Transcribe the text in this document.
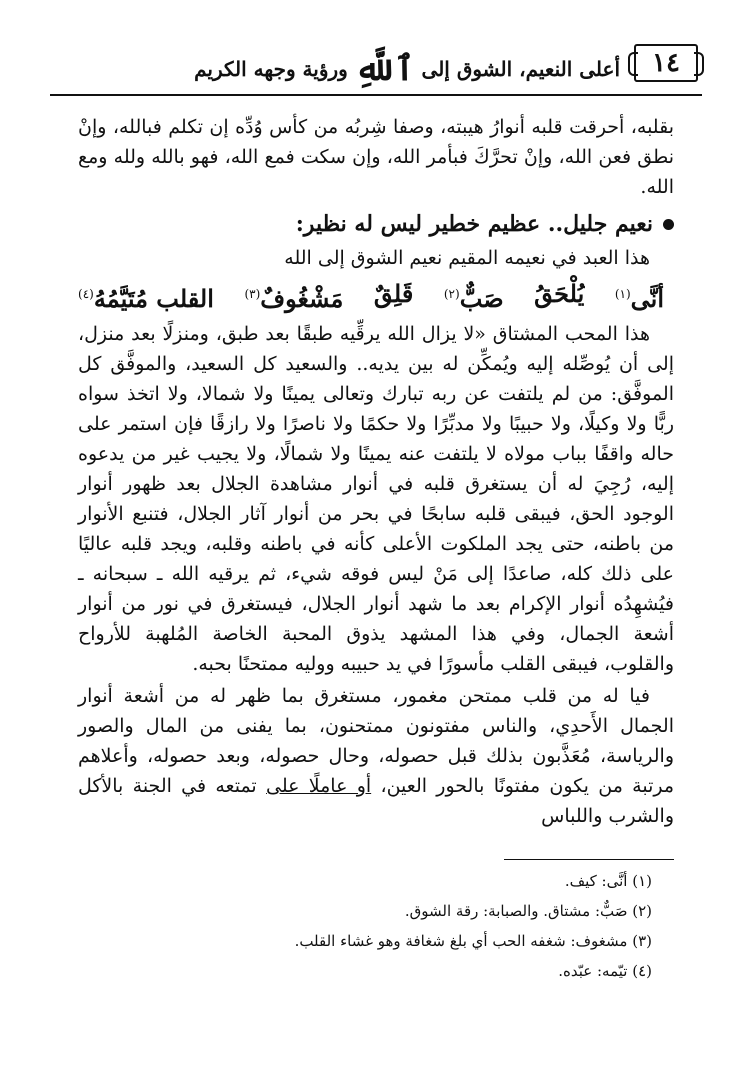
١٤
أعلى النعيم، الشوق إلى ٱللَّهِ ورؤية وجهه الكريم

بقلبه، أحرقت قلبه أنوارُ هيبته، وصفا شِربُه من كأس وُدِّه إن تكلم فبالله، وإنْ نطق فعن الله، وإنْ تحرَّكَ فبأمر الله، وإن سكت فمع الله، فهو بالله ولله ومع الله.

نعيم جليل.. عظيم خطير ليس له نظير:

هذا العبد في نعيمه المقيم نعيم الشوق إلى الله

أنَّى$^{(١)}$
يُلْحَقُ
صَبٌّ$^{(٢)}$
قَلِقٌ
مَشْغُوفٌ$^{(٣)}$
القلب مُتَيَّمُهُ$^{(٤)}$

هذا المحب المشتاق «لا يزال الله يرقِّيه طبقًا بعد طبق، ومنزلًا بعد منزل، إلى أن يُوصِّله إليه ويُمكِّن له بين يديه.. والسعيد كل السعيد، والموفَّق كل الموفَّق: من لم يلتفت عن ربه تبارك وتعالى يمينًا ولا شمالا، ولا اتخذ سواه ربًّا ولا وكيلًا، ولا حبيبًا ولا مدبِّرًا ولا حكمًا ولا ناصرًا ولا رازقًا فإن استمر على حاله واقفًا بباب مولاه لا يلتفت عنه يمينًا ولا شمالًا، ولا يجيب غير من يدعوه إليه، رُجِيَ له أن يستغرق قلبه في أنوار مشاهدة الجلال بعد ظهور أنوار الوجود الحق، فيبقى قلبه سابحًا في بحر من أنوار آثار الجلال، فتنبع الأنوار من باطنه، حتى يجد الملكوت الأعلى كأنه في باطنه وقلبه، ويجد قلبه عاليًا على ذلك كله، صاعدًا إلى مَنْ ليس فوقه شيء، ثم يرقيه الله ـ سبحانه ـ فيُشهِدُه أنوار الإكرام بعد ما شهد أنوار الجلال، فيستغرق في نور من أنوار أشعة الجمال، وفي هذا المشهد يذوق المحبة الخاصة المُلهبة للأرواح والقلوب، فيبقى القلب مأسورًا في يد حبيبه ووليه ممتحنًا بحبه.

فيا له من قلب ممتحن مغمور، مستغرق بما ظهر له من أشعة أنوار الجمال الأَحدِي، والناس مفتونون ممتحنون، بما يفنى من المال والصور والرياسة، مُعَذَّبون بذلك قبل حصوله، وحال حصوله، وبعد حصوله، وأعلاهم مرتبة من يكون مفتونًا بالحور العين، أو عاملًا على تمتعه في الجنة بالأكل والشرب واللباس

(١) أنَّى: كيف.

(٢) صَبٌّ: مشتاق. والصبابة: رقة الشوق.

(٣) مشغوف: شغفه الحب أي بلغ شغافة وهو غشاء القلب.

(٤) تيّمه: عبّده.
